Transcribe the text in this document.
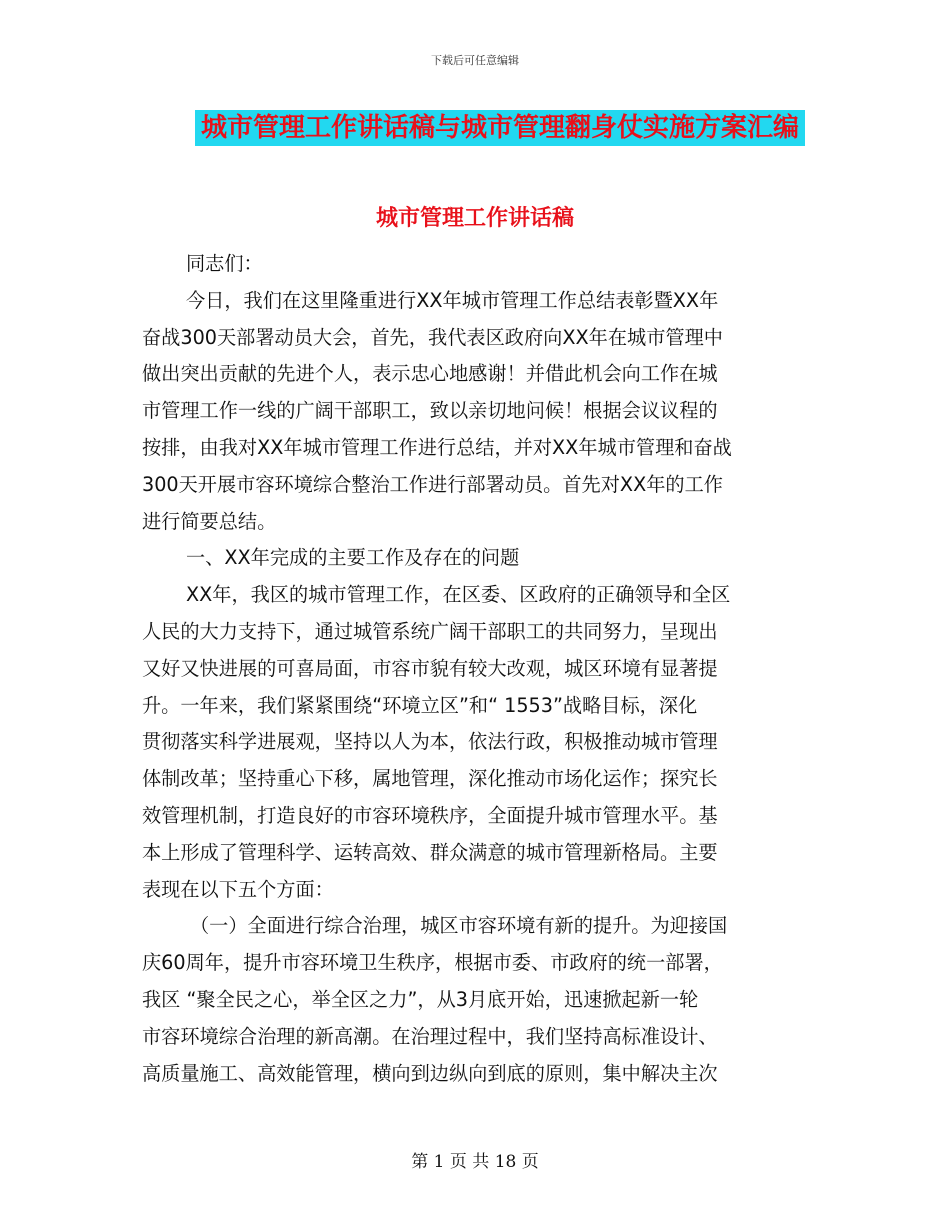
下载后可任意编辑
城市管理工作讲话稿与城市管理翻身仗实施方案汇编
城市管理工作讲话稿
同志们：
今日，我们在这里隆重进行XX年城市管理工作总结表彰暨XX年
奋战300天部署动员大会，首先，我代表区政府向XX年在城市管理中
做出突出贡献的先进个人，表示忠心地感谢！并借此机会向工作在城
市管理工作一线的广阔干部职工，致以亲切地问候！根据会议议程的
按排，由我对XX年城市管理工作进行总结，并对XX年城市管理和奋战
300天开展市容环境综合整治工作进行部署动员。首先对XX年的工作
进行简要总结。
一、XX年完成的主要工作及存在的问题
XX年，我区的城市管理工作，在区委、区政府的正确领导和全区
人民的大力支持下，通过城管系统广阔干部职工的共同努力，呈现出
又好又快进展的可喜局面，市容市貌有较大改观，城区环境有显著提
升。一年来，我们紧紧围绕“环境立区”和“ 1553”战略目标，深化
贯彻落实科学进展观，坚持以人为本，依法行政，积极推动城市管理
体制改革；坚持重心下移，属地管理，深化推动市场化运作；探究长
效管理机制，打造良好的市容环境秩序，全面提升城市管理水平。基
本上形成了管理科学、运转高效、群众满意的城市管理新格局。主要
表现在以下五个方面：
（一）全面进行综合治理，城区市容环境有新的提升。为迎接国
庆60周年，提升市容环境卫生秩序，根据市委、市政府的统一部署，
我区 “聚全民之心，举全区之力”，从3月底开始，迅速掀起新一轮
市容环境综合治理的新高潮。在治理过程中，我们坚持高标准设计、
高质量施工、高效能管理，横向到边纵向到底的原则，集中解决主次
第 1 页 共 18 页
